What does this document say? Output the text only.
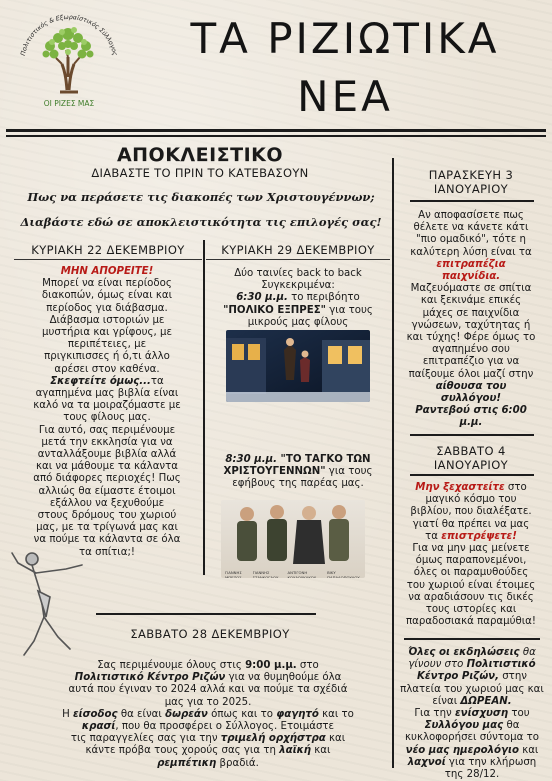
Πολιτιστικός & Εξωραϊστικός Σύλλογος
ΟΙ ΡΙΖΕΣ ΜΑΣ
ΤΑ ΡΙΖΙΩΤΙΚΑ
ΝΕΑ
ΑΠΟΚΛΕΙΣΤΙΚΟ
ΔΙΑΒΑΣΤΕ ΤΟ ΠΡΙΝ ΤΟ ΚΑΤΕΒΑΣΟΥΝ
Πως να περάσετε τις διακοπές των Χριστουγέννων;
Διαβάστε εδώ σε αποκλειστικότητα τις επιλογές σας!
ΚΥΡΙΑΚΗ 22 ΔΕΚΕΜΒΡΙΟΥ
ΜΗΝ ΑΠΟΡΕΙΤΕ!
Μπορεί να είναι περίοδος
διακοπών, όμως είναι και
περίοδος για διάβασμα.
Διάβασμα ιστοριών με
μυστήρια και γρίφους, με
περιπέτειες, με
πριγκιπισσες ή ό,τι άλλο
αρέσει στον καθένα.
Σκεφτείτε όμως...τα
αγαπημένα μας βιβλία είναι
καλό να τα μοιραζόμαστε με
τους φίλους μας.
Για αυτό, σας περιμένουμε
μετά την εκκλησία για να
ανταλλάξουμε βιβλία αλλά
και να μάθουμε τα κάλαντα
από διάφορες περιοχές! Πως
αλλιώς θα είμαστε έτοιμοι
εξάλλου να ξεχυθούμε
στους δρόμους του χωριού
μας, με τα τρίγωνά μας και
να πούμε τα κάλαντα σε όλα
τα σπίτια;!
ΚΥΡΙΑΚΗ 29 ΔΕΚΕΜΒΡΙΟΥ
Δύο ταινίες back to back
Συγκεκριμένα:
6:30 μ.μ. το περιβόητο
"ΠΟΛΙΚΟ ΕΞΠΡΕΣ" για τους
μικρούς μας φίλους
8:30 μ.μ. "ΤΟ ΤΑΓΚΟ ΤΩΝ
ΧΡΙΣΤΟΥΓΕΝΝΩΝ" για τους
εφήβους της παρέας μας.
ΓΙΑΝΝΗΣ ΜΠΕΖΟΣ
ΓΙΑΝΝΗΣ ΣΤΑΝΚΟΓΛΟΥ
ΑΝΤΙΓΟΝΗ ΚΟΥΛΟΥΚΑΚΟΥ
ΒΙΚΥ ΠΑΠΑΔΟΠΟΥΛΟΥ
ΣΑΒΒΑΤΟ 28 ΔΕΚΕΜΒΡΙΟΥ
Σας περιμένουμε όλους στις 9:00 μ.μ. στο
Πολιτιστικό Κέντρο Ριζών για να θυμηθούμε όλα
αυτά που έγιναν το 2024 αλλά και να πούμε τα σχέδιά
μας για το 2025.
Η είσοδος θα είναι δωρεάν όπως και το φαγητό και το
κρασί, που θα προσφέρει ο Σύλλογος. Ετοιμάστε
τις παραγγελίες σας για την τριμελή ορχήστρα και
κάντε πρόβα τους χορούς σας για τη λαϊκή και
ρεμπέτικη βραδιά.
ΠΑΡΑΣΚΕΥΗ 3
ΙΑΝΟΥΑΡΙΟΥ
Αν αποφασίσετε πως
θέλετε να κάνετε κάτι
"πιο ομαδικό", τότε η
καλύτερη λύση είναι τα
επιτραπέζια
παιχνίδια.
Μαζευόμαστε σε σπίτια
και ξεκινάμε επικές
μάχες σε παιχνίδια
γνώσεων, ταχύτητας ή
και τύχης! Φέρε όμως το
αγαπημένο σου
επιτραπέζιο για να
παίξουμε όλοι μαζί στην
αίθουσα του
συλλόγου!
Ραντεβού στις 6:00
μ.μ.
ΣΑΒΒΑΤΟ 4
ΙΑΝΟΥΑΡΙΟΥ
Μην ξεχαστείτε στο
μαγικό κόσμο του
βιβλίου, που διαλέξατε.
γιατί θα πρέπει να μας
τα επιστρέψετε!
Για να μην μας μείνετε
όμως παραπονεμένοι,
όλες οι παραμυθούδες
του χωριού είναι έτοιμες
να αραδιάσουν τις δικές
τους ιστορίες και
παραδοσιακά παραμύθια!
Όλες οι εκδηλώσεις θα
γίνουν στο Πολιτιστικό
Κέντρο Ριζών, στην
πλατεία του χωριού μας και
είναι ΔΩΡΕΑΝ.
Για την ενίσχυση του
Συλλόγου μας θα
κυκλοφορήσει σύντομα το
νέο μας ημερολόγιο και
λαχνοί για την κλήρωση
της 28/12.
